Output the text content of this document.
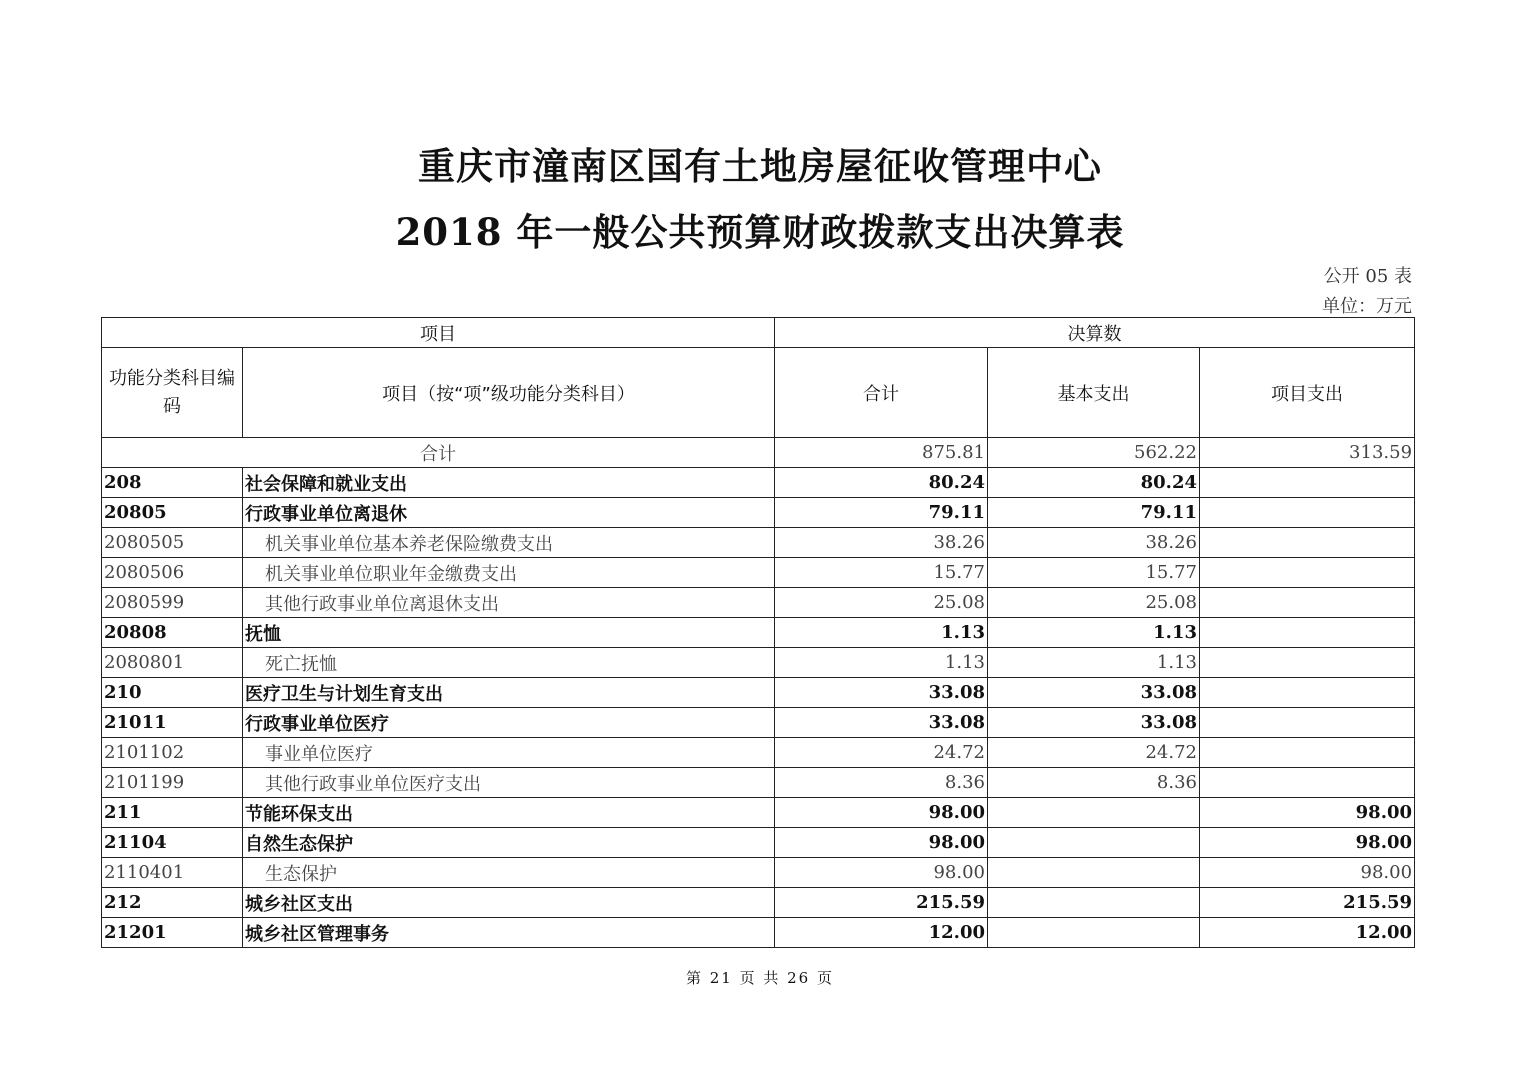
重庆市潼南区国有土地房屋征收管理中心
2018 年一般公共预算财政拨款支出决算表
公开 05 表
单位：万元
项目		决算数		
功能分类科目编码	项目（按“项”级功能分类科目）	合计	基本支出	项目支出
合计		875.81	562.22	313.59
208	社会保障和就业支出	80.24	80.24	
20805	行政事业单位离退休	79.11	79.11	
2080505	机关事业单位基本养老保险缴费支出	38.26	38.26	
2080506	机关事业单位职业年金缴费支出	15.77	15.77	
2080599	其他行政事业单位离退休支出	25.08	25.08	
20808	抚恤	1.13	1.13	
2080801	死亡抚恤	1.13	1.13	
210	医疗卫生与计划生育支出	33.08	33.08	
21011	行政事业单位医疗	33.08	33.08	
2101102	事业单位医疗	24.72	24.72	
2101199	其他行政事业单位医疗支出	8.36	8.36	
211	节能环保支出	98.00		98.00
21104	自然生态保护	98.00		98.00
2110401	生态保护	98.00		98.00
212	城乡社区支出	215.59		215.59
21201	城乡社区管理事务	12.00		12.00
第 21 页 共 26 页
